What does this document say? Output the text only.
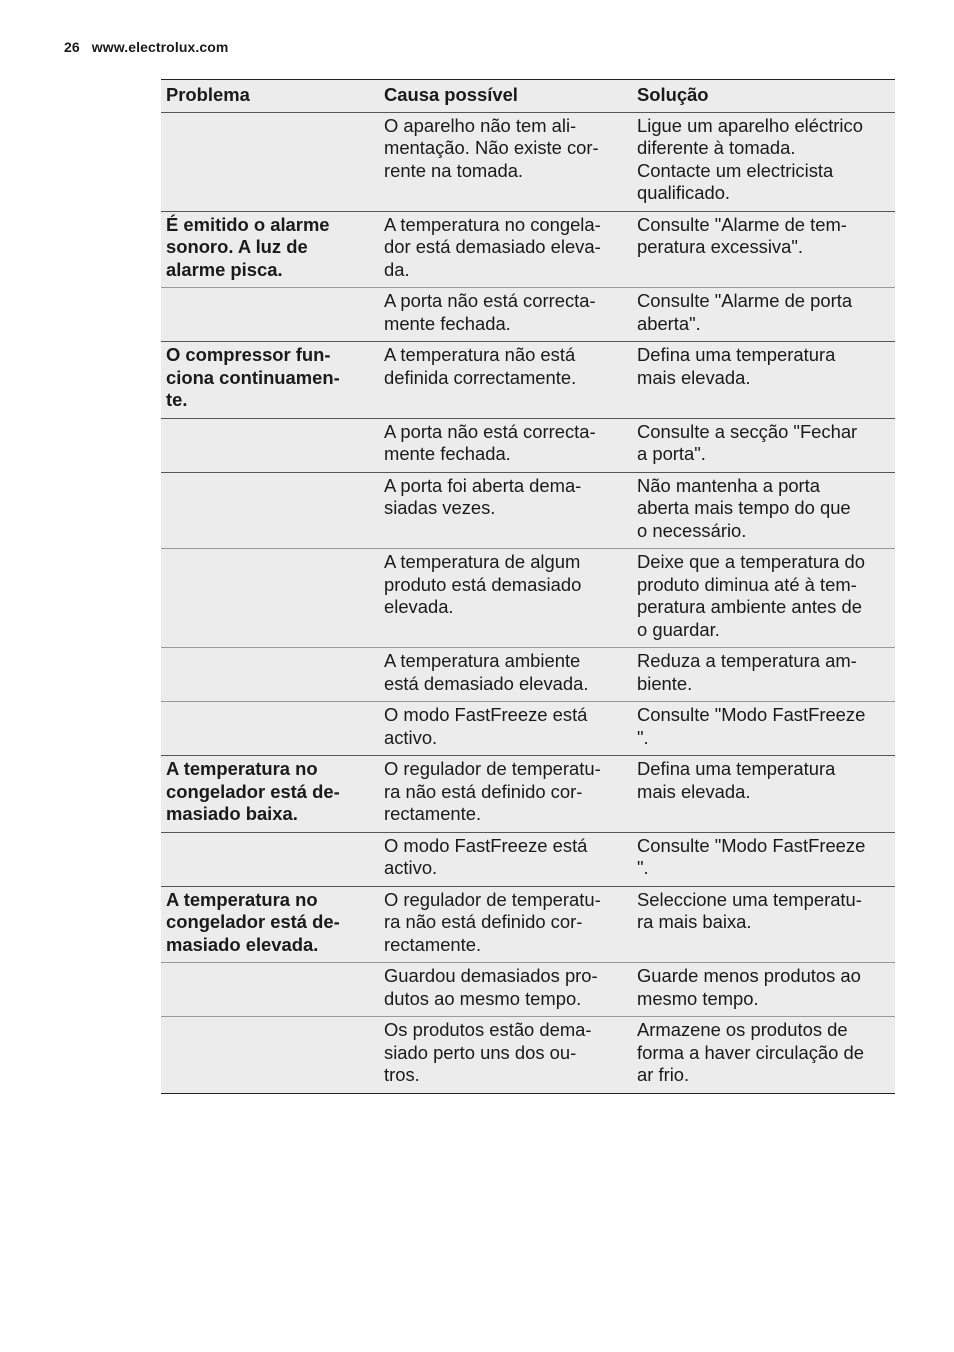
26 www.electrolux.com
Problema	Causa possível	Solução
	O aparelho não tem ali-
mentação. Não existe cor-
rente na tomada.	Ligue um aparelho eléctrico
diferente à tomada.
Contacte um electricista
qualificado.
É emitido o alarme
sonoro. A luz de
alarme pisca.	A temperatura no congela-
dor está demasiado eleva-
da.	Consulte "Alarme de tem-
peratura excessiva".
	A porta não está correcta-
mente fechada.	Consulte "Alarme de porta
aberta".
O compressor fun-
ciona continuamen-
te.	A temperatura não está
definida correctamente.	Defina uma temperatura
mais elevada.
	A porta não está correcta-
mente fechada.	Consulte a secção "Fechar
a porta".
	A porta foi aberta dema-
siadas vezes.	Não mantenha a porta
aberta mais tempo do que
o necessário.
	A temperatura de algum
produto está demasiado
elevada.	Deixe que a temperatura do
produto diminua até à tem-
peratura ambiente antes de
o guardar.
	A temperatura ambiente
está demasiado elevada.	Reduza a temperatura am-
biente.
	O modo FastFreeze está
activo.	Consulte "Modo FastFreeze
".
A temperatura no
congelador está de-
masiado baixa.	O regulador de temperatu-
ra não está definido cor-
rectamente.	Defina uma temperatura
mais elevada.
	O modo FastFreeze está
activo.	Consulte "Modo FastFreeze
".
A temperatura no
congelador está de-
masiado elevada.	O regulador de temperatu-
ra não está definido cor-
rectamente.	Seleccione uma temperatu-
ra mais baixa.
	Guardou demasiados pro-
dutos ao mesmo tempo.	Guarde menos produtos ao
mesmo tempo.
	Os produtos estão dema-
siado perto uns dos ou-
tros.	Armazene os produtos de
forma a haver circulação de
ar frio.
